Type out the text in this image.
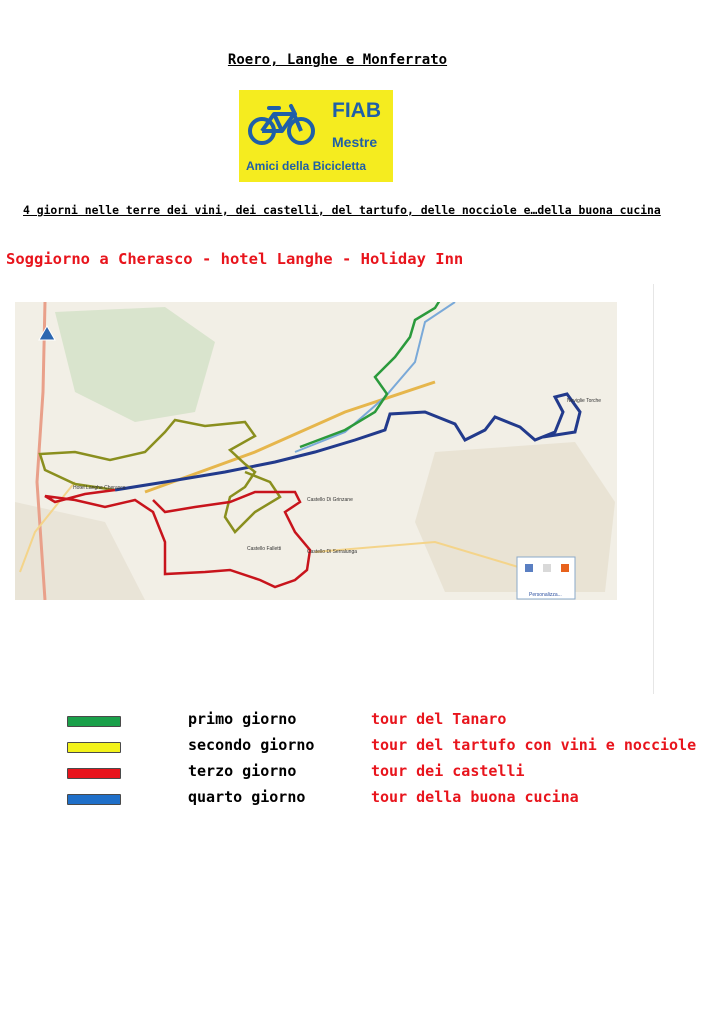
Roero, Langhe e Monferrato
FIAB
Mestre
Amici della Bicicletta
4 giorni nelle terre dei vini, dei castelli, del tartufo, delle nocciole e…della buona cucina
Soggiorno a Cherasco - hotel Langhe - Holiday Inn
Hotel Langhe Cherasco
Castello Di Grinzane
Castello Falletti
Neviglie Torche
Castello Di Serralunga
Personalizza...
primo giorno	tour del Tanaro
secondo giorno	tour del tartufo con vini e nocciole
terzo giorno	tour dei castelli
quarto giorno	tour della buona cucina
